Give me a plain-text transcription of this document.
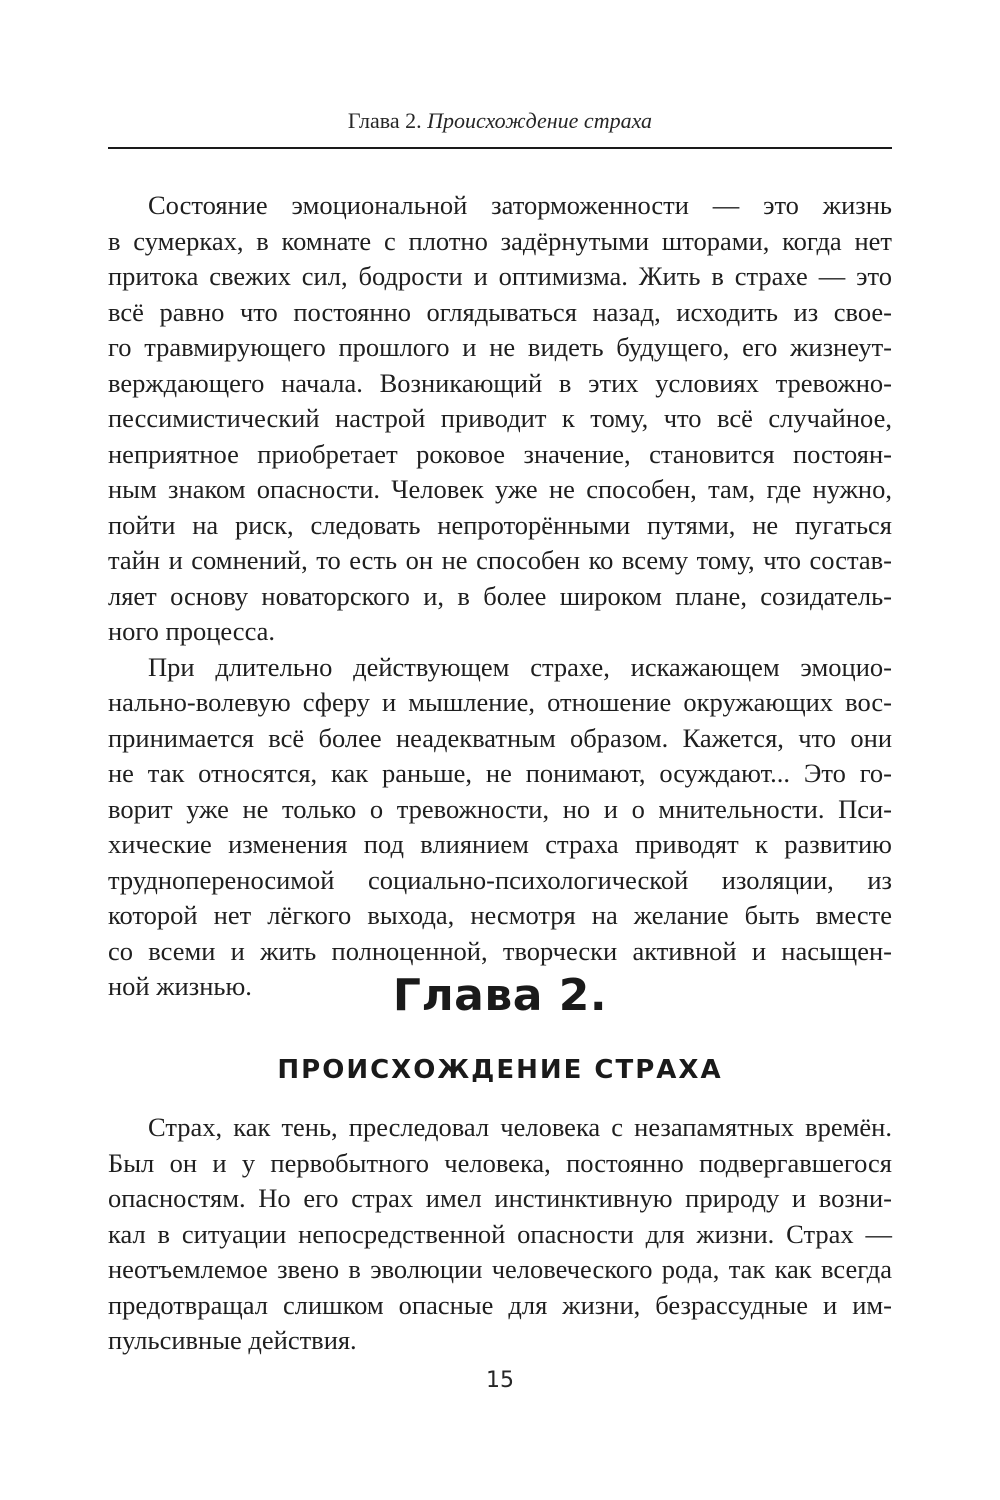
Глава 2. Происхождение страха
Состояние эмоциональной заторможенности — это жизнь
в сумерках, в комнате с плотно задёрнутыми шторами, когда нет
притока свежих сил, бодрости и оптимизма. Жить в страхе — это
всё равно что постоянно оглядываться назад, исходить из свое-
го травмирующего прошлого и не видеть будущего, его жизнеут-
верждающего начала. Возникающий в этих условиях тревожно-
пессимистический настрой приводит к тому, что всё случайное,
неприятное приобретает роковое значение, становится постоян-
ным знаком опасности. Человек уже не способен, там, где нужно,
пойти на риск, следовать непроторёнными путями, не пугаться
тайн и сомнений, то есть он не способен ко всему тому, что состав-
ляет основу новаторского и, в более широком плане, созидатель-
ного процесса.
При длительно действующем страхе, искажающем эмоцио-
нально-волевую сферу и мышление, отношение окружающих вос-
принимается всё более неадекватным образом. Кажется, что они
не так относятся, как раньше, не понимают, осуждают... Это го-
ворит уже не только о тревожности, но и о мнительности. Пси-
хические изменения под влиянием страха приводят к развитию
труднопереносимой социально-психологической изоляции, из
которой нет лёгкого выхода, несмотря на желание быть вместе
со всеми и жить полноценной, творчески активной и насыщен-
ной жизнью.	Глава 2.
ПРОИСХОЖДЕНИЕ СТРАХА
Страх, как тень, преследовал человека с незапамятных времён.
Был он и у первобытного человека, постоянно подвергавшегося
опасностям. Но его страх имел инстинктивную природу и возни-
кал в ситуации непосредственной опасности для жизни. Страх —
неотъемлемое звено в эволюции человеческого рода, так как всегда
предотвращал слишком опасные для жизни, безрассудные и им-
пульсивные действия.
15
